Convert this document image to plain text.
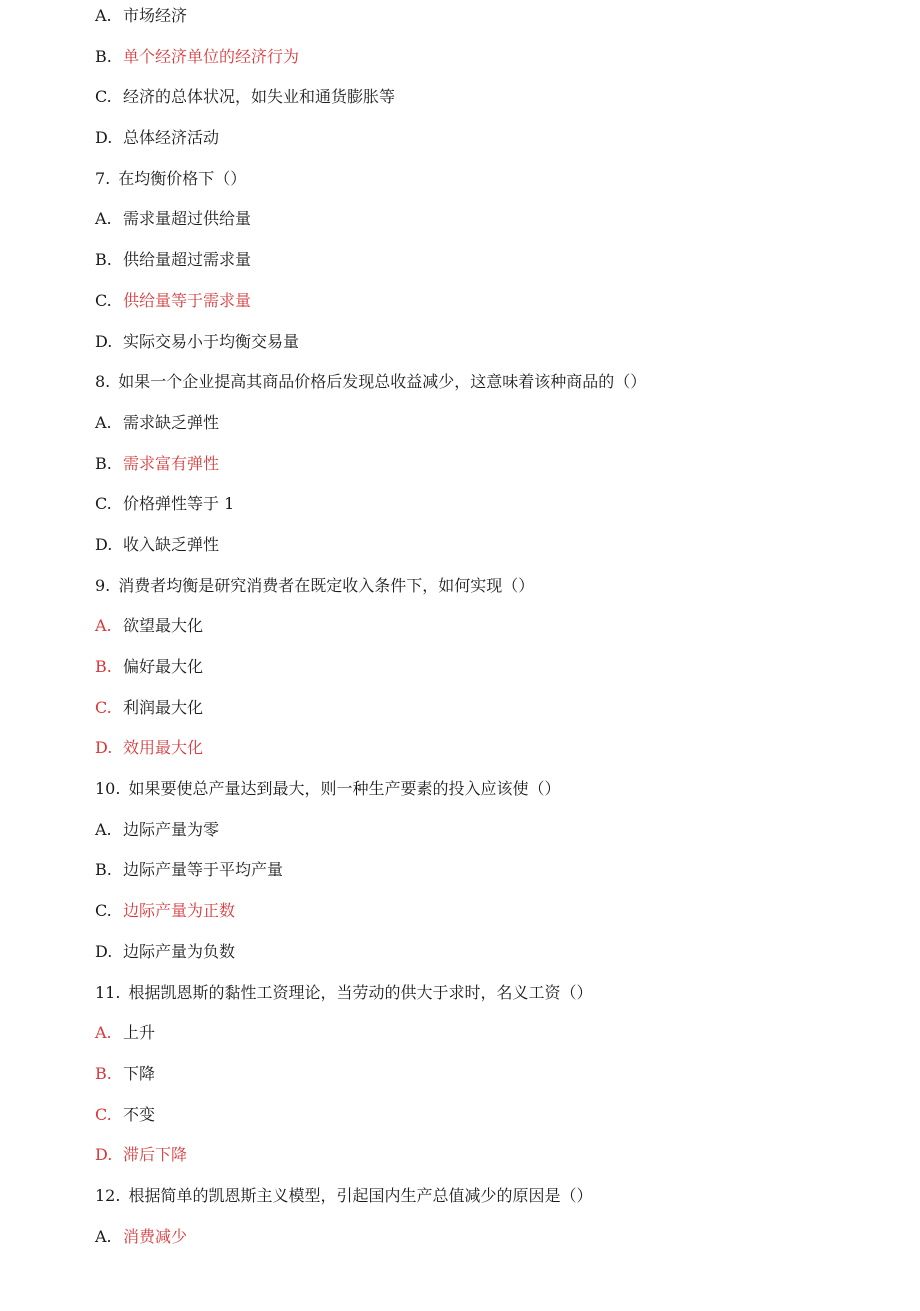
A. 市场经济
B. 单个经济单位的经济行为
C. 经济的总体状况，如失业和通货膨胀等
D. 总体经济活动
7. 在均衡价格下（）
A. 需求量超过供给量
B. 供给量超过需求量
C. 供给量等于需求量
D. 实际交易小于均衡交易量
8. 如果一个企业提高其商品价格后发现总收益减少，这意味着该种商品的（）
A. 需求缺乏弹性
B. 需求富有弹性
C. 价格弹性等于 1
D. 收入缺乏弹性
9. 消费者均衡是研究消费者在既定收入条件下，如何实现（）
A. 欲望最大化
B. 偏好最大化
C. 利润最大化
D. 效用最大化
10. 如果要使总产量达到最大，则一种生产要素的投入应该使（）
A. 边际产量为零
B. 边际产量等于平均产量
C. 边际产量为正数
D. 边际产量为负数
11. 根据凯恩斯的黏性工资理论，当劳动的供大于求时，名义工资（）
A. 上升
B. 下降
C. 不变
D. 滞后下降
12. 根据简单的凯恩斯主义模型，引起国内生产总值减少的原因是（）
A. 消费减少
